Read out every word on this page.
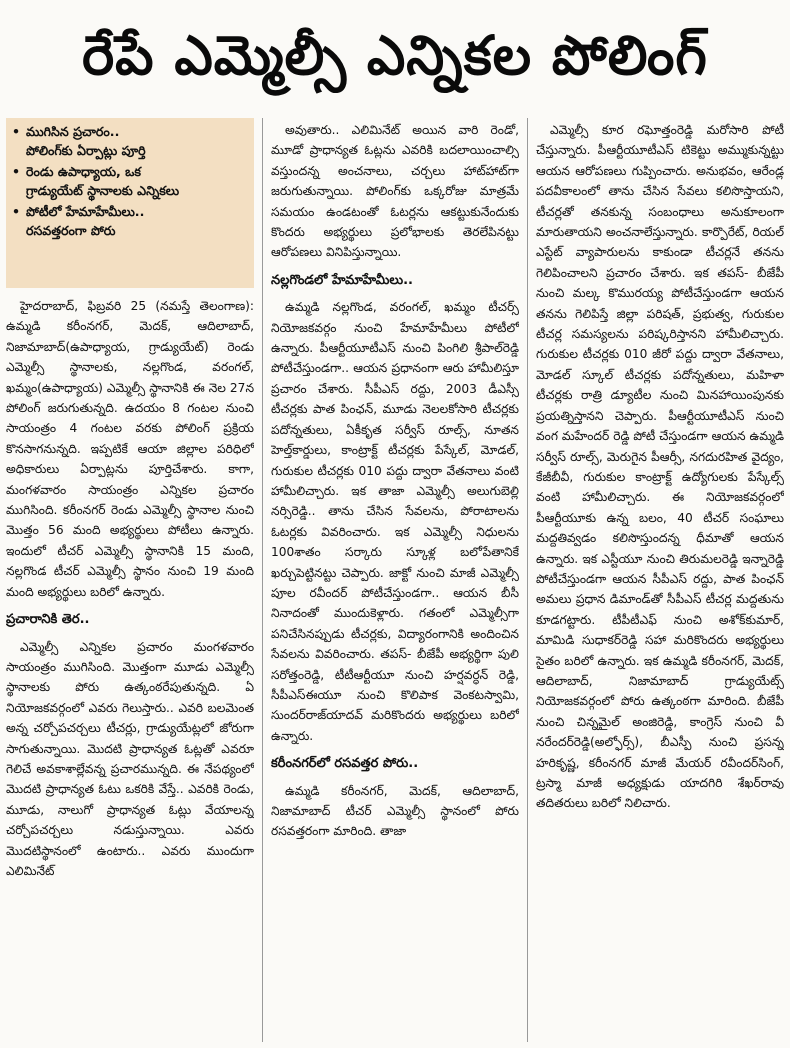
రేపే ఎమ్మెల్సీ ఎన్నికల పోలింగ్
• ముగిసిన ప్రచారం..
పోలింగ్‌కు ఏర్పాట్లు పూర్తి
• రెండు ఉపాధ్యాయ, ఒక
గ్రాడ్యుయేట్ స్థానాలకు ఎన్నికలు
• పోటీలో హేమాహేమీలు..
రసవత్తరంగా పోరు

హైదరాబాద్, ఫిబ్రవరి 25 (నమస్తే తెలంగాణ): ఉమ్మడి కరీంనగర్, మెదక్, ఆదిలాబాద్, నిజామాబాద్(ఉపాధ్యాయ, గ్రాడ్యుయేట్) రెండు ఎమ్మెల్సీ స్థానాలకు, నల్లగొండ, వరంగల్, ఖమ్మం(ఉపాధ్యాయ) ఎమ్మెల్సీ స్థానానికి ఈ నెల 27న పోలింగ్ జరుగుతున్నది. ఉదయం 8 గంటల నుంచి సాయంత్రం 4 గంటల వరకు పోలింగ్ ప్రక్రియ కొనసాగనున్నది. ఇప్పటికే ఆయా జిల్లాల పరిధిలో అధికారులు ఏర్పాట్లను పూర్తిచేశారు. కాగా, మంగళవారం సాయంత్రం ఎన్నికల ప్రచారం ముగిసింది. కరీంనగర్ రెండు ఎమ్మెల్సీ స్థానాల నుంచి మొత్తం 56 మంది అభ్యర్థులు పోటీలు ఉన్నారు. ఇందులో టీచర్ ఎమ్మెల్సీ స్థానానికి 15 మంది, నల్లగొండ టీచర్ ఎమ్మెల్సీ స్థానం నుంచి 19 మంది మంది అభ్యర్థులు బరిలో ఉన్నారు.

ప్రచారానికి తెర..

ఎమ్మెల్సీ ఎన్నికల ప్రచారం మంగళవారం సాయంత్రం ముగిసింది. మొత్తంగా మూడు ఎమ్మెల్సీ స్థానాలకు పోరు ఉత్కంఠరేపుతున్నది. ఏ నియోజకవర్గంలో ఎవరు గెలుస్తారు.. ఎవరి బలమెంత అన్న చర్చోపచర్చలు టీచర్లు, గ్రాడ్యుయేట్లలో జోరుగా సాగుతున్నాయి. మొదటి ప్రాధాన్యత ఓట్లతో ఎవరూ గెలిచే అవకాశాల్లేవన్న ప్రచారమున్నది. ఈ నేపథ్యంలో మొదటి ప్రాధాన్యత ఓటు ఒకరికి వేస్తే.. ఎవరికి రెండు, మూడు, నాలుగో ప్రాధాన్యత ఓట్లు వేయాలన్న చర్చోపచర్చలు నడుస్తున్నాయి. ఎవరు మొదటిస్థానంలో ఉంటారు.. ఎవరు ముందుగా ఎలిమినేట్

అవుతారు.. ఎలిమినేట్ అయిన వారి రెండో, మూడో ప్రాధాన్యత ఓట్లను ఎవరికి బదలాయించాల్సి వస్తుందన్న అంచనాలు, చర్చలు హాట్‌హాట్‌గా జరుగుతున్నాయి. పోలింగ్‌కు ఒక్కరోజు మాత్రమే సమయం ఉండటంతో ఓటర్లను ఆకట్టుకునేందుకు కొందరు అభ్యర్థులు ప్రలోభాలకు తెరలేపినట్టు ఆరోపణలు వినిపిస్తున్నాయి.

నల్లగొండలో హేమాహేమీలు..

ఉమ్మడి నల్లగొండ, వరంగల్, ఖమ్మం టీచర్స్ నియోజకవర్గం నుంచి హేమాహేమీలు పోటీలో ఉన్నారు. పీఆర్టీయూటీఎస్ నుంచి పింగిలి శ్రీపాల్‌రెడ్డి పోటీచేస్తుండగా.. ఆయన ప్రధానంగా ఆరు హామీలిస్తూ ప్రచారం చేశారు. సీపీఎస్ రద్దు, 2003 డీఎస్సీ టీచర్లకు పాత పింఛన్, మూడు నెలలకోసారి టీచర్లకు పదోన్నతులు, ఏకీకృత సర్వీస్ రూల్స్, నూతన హెల్త్‌కార్డులు, కాంట్రాక్ట్ టీచర్లకు పేస్కేల్, మోడల్, గురుకుల టీచర్లకు 010 పద్దు ద్వారా వేతనాలు వంటి హామీలిచ్చారు. ఇక తాజా ఎమ్మెల్సీ అలుగుబెల్లి నర్సిరెడ్డి.. తాను చేసిన సేవలను, పోరాటాలను ఓటర్లకు వివరించారు. ఇక ఎమ్మెల్సీ నిధులను 100శాతం సర్కారు స్కూళ్ల బలోపేతానికే ఖర్చుపెట్టినట్టు చెప్పారు. జాక్టో నుంచి మాజీ ఎమ్మెల్సీ పూల రవీందర్ పోటీచేస్తుండగా.. ఆయన బీసీ నినాదంతో ముందుకెళ్లారు. గతంలో ఎమ్మెల్సీగా పనిచేసినప్పుడు టీచర్లకు, విద్యారంగానికి అందించిన సేవలను వివరించారు. తపస్- బీజేపీ అభ్యర్థిగా పులి సరోత్తంరెడ్డి, టీటీఆర్టీయూ నుంచి హర్షవర్ధన్ రెడ్డి, సీపీఎస్‌ఈయూ నుంచి కొలిపాక వెంకటస్వామి, సుందర్‌రాజ్‌యాదవ్ మరికొందరు అభ్యర్థులు బరిలో ఉన్నారు.

కరీంనగర్‌లో రసవత్తర పోరు..

ఉమ్మడి కరీంనగర్, మెదక్, ఆదిలాబాద్, నిజామాబాద్ టీచర్ ఎమ్మెల్సీ స్థానంలో పోరు రసవత్తరంగా మారింది. తాజా

ఎమ్మెల్సీ కూర రఘోత్తంరెడ్డి మరోసారి పోటీ చేస్తున్నారు. పీఆర్టీయూటీఎస్ టికెట్టు అమ్ముకున్నట్టు ఆయన ఆరోపణలు గుప్పించారు. అనుభవం, ఆరేండ్ల పదవీకాలంలో తాను చేసిన సేవలు కలిసొస్తాయని, టీచర్లతో తనకున్న సంబంధాలు అనుకూలంగా మారుతాయని అంచనాలేస్తున్నారు. కార్పొరేట్, రియల్ ఎస్టేట్ వ్యాపారులను కాకుండా టీచర్లనే తనను గెలిపించాలని ప్రచారం చేశారు. ఇక తపస్- బీజేపీ నుంచి మల్క కొమురయ్య పోటీచేస్తుండగా ఆయన తనను గెలిపిస్తే జిల్లా పరిషత్, ప్రభుత్వ, గురుకుల టీచర్ల సమస్యలను పరిష్కరిస్తానని హామీలిచ్చారు. గురుకుల టీచర్లకు 010 జీరో పద్దు ద్వారా వేతనాలు, మోడల్ స్కూల్ టీచర్లకు పదోన్నతులు, మహిళా టీచర్లకు రాత్రి డ్యూటీల నుంచి మినహాయింపునకు ప్రయత్నిస్తానని చెప్పారు. పీఆర్టీయూటీఎస్ నుంచి వంగ మహేందర్ రెడ్డి పోటీ చేస్తుండగా ఆయన ఉమ్మడి సర్వీస్ రూల్స్, మెరుగైన పీఆర్సీ, నగదురహిత వైద్యం, కేజీబీవీ, గురుకుల కాంట్రాక్ట్ ఉద్యోగులకు పేస్కేల్స్ వంటి హామీలిచ్చారు. ఈ నియోజకవర్గంలో పీఆర్టీయూకు ఉన్న బలం, 40 టీచర్ సంఘాలు మద్దతివ్వడం కలిసొస్తుందన్న ధీమాతో ఆయన ఉన్నారు. ఇక ఎస్టీయూ నుంచి తిరుమలరెడ్డి ఇన్నారెడ్డి పోటీచేస్తుండగా ఆయన సీపీఎస్ రద్దు, పాత పింఛన్ అమలు ప్రధాన డిమాండ్‌తో సీపీఎస్ టీచర్ల మద్దతును కూడగట్టారు. టీపీటీఎఫ్ నుంచి అశోక్‌కుమార్, మామిడి సుధాకర్‌రెడ్డి సహా మరికొందరు అభ్యర్థులు సైతం బరిలో ఉన్నారు. ఇక ఉమ్మడి కరీంనగర్, మెదక్, ఆదిలాబాద్, నిజామాబాద్ గ్రాడ్యుయేట్స్ నియోజకవర్గంలో పోరు ఉత్కంఠగా మారింది. బీజేపీ నుంచి చిన్నమైల్ అంజిరెడ్డి, కాంగ్రెస్ నుంచి వీ నరేందర్‌రెడ్డి(అల్ఫోర్స్), బీఎస్పీ నుంచి ప్రసన్న హరికృష్ణ, కరీంనగర్ మాజీ మేయర్ రవీందర్‌సింగ్, ట్రస్మా మాజీ అధ్యక్షుడు యాదగిరి శేఖర్‌రావు తదితరులు బరిలో నిలిచారు.
